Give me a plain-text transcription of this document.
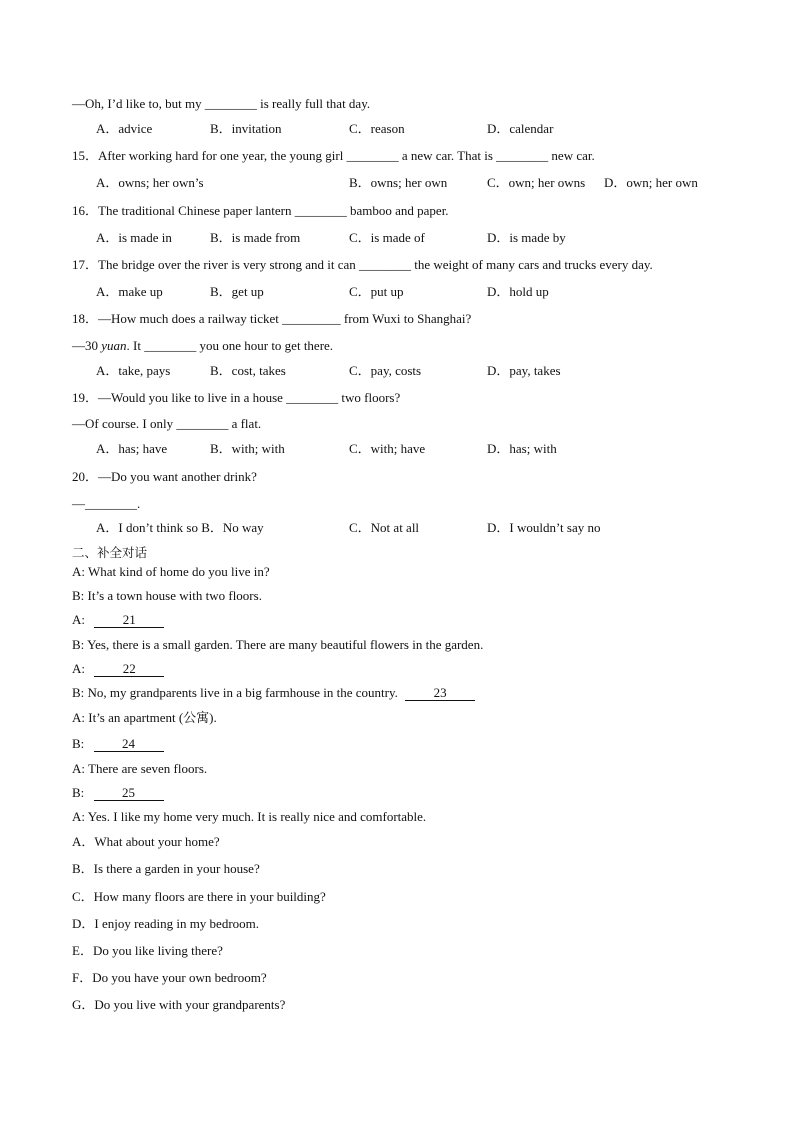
—Oh, I’d like to, but my ________ is really full that day.
A．advice	B．invitation	C．reason	D．calendar
15．After working hard for one year, the young girl ________ a new car. That is ________ new car.
A．owns; her own’s	B．owns; her own	C．own; her owns D．own; her own
16．The traditional Chinese paper lantern ________ bamboo and paper.
A．is made in	B．is made from	C．is made of	D．is made by
17．The bridge over the river is very strong and it can ________ the weight of many cars and trucks every day.
A．make up	B．get up	C．put up	D．hold up
18．—How much does a railway ticket _________ from Wuxi to Shanghai?
—30 yuan. It ________ you one hour to get there.
A．take, pays	B．cost, takes	C．pay, costs	D．pay, takes
19．—Would you like to live in a house ________ two floors?
—Of course. I only ________ a flat.
A．has; have	B．with; with	C．with; have	D．has; with
20．—Do you want another drink?
—________.
A．I don’t think so B．No way	C．Not at all	D．I wouldn’t say no
二、补全对话
A: What kind of home do you live in?
B: It’s a town house with two floors.
A:	21
B: Yes, there is a small garden. There are many beautiful flowers in the garden.
A:	22
B: No, my grandparents live in a big farmhouse in the country.	23
A: It’s an apartment (公寓).
B:	24
A: There are seven floors.
B:	25
A: Yes. I like my home very much. It is really nice and comfortable.
A．What about your home?
B．Is there a garden in your house?
C．How many floors are there in your building?
D．I enjoy reading in my bedroom.
E．Do you like living there?
F．Do you have your own bedroom?
G．Do you live with your grandparents?
